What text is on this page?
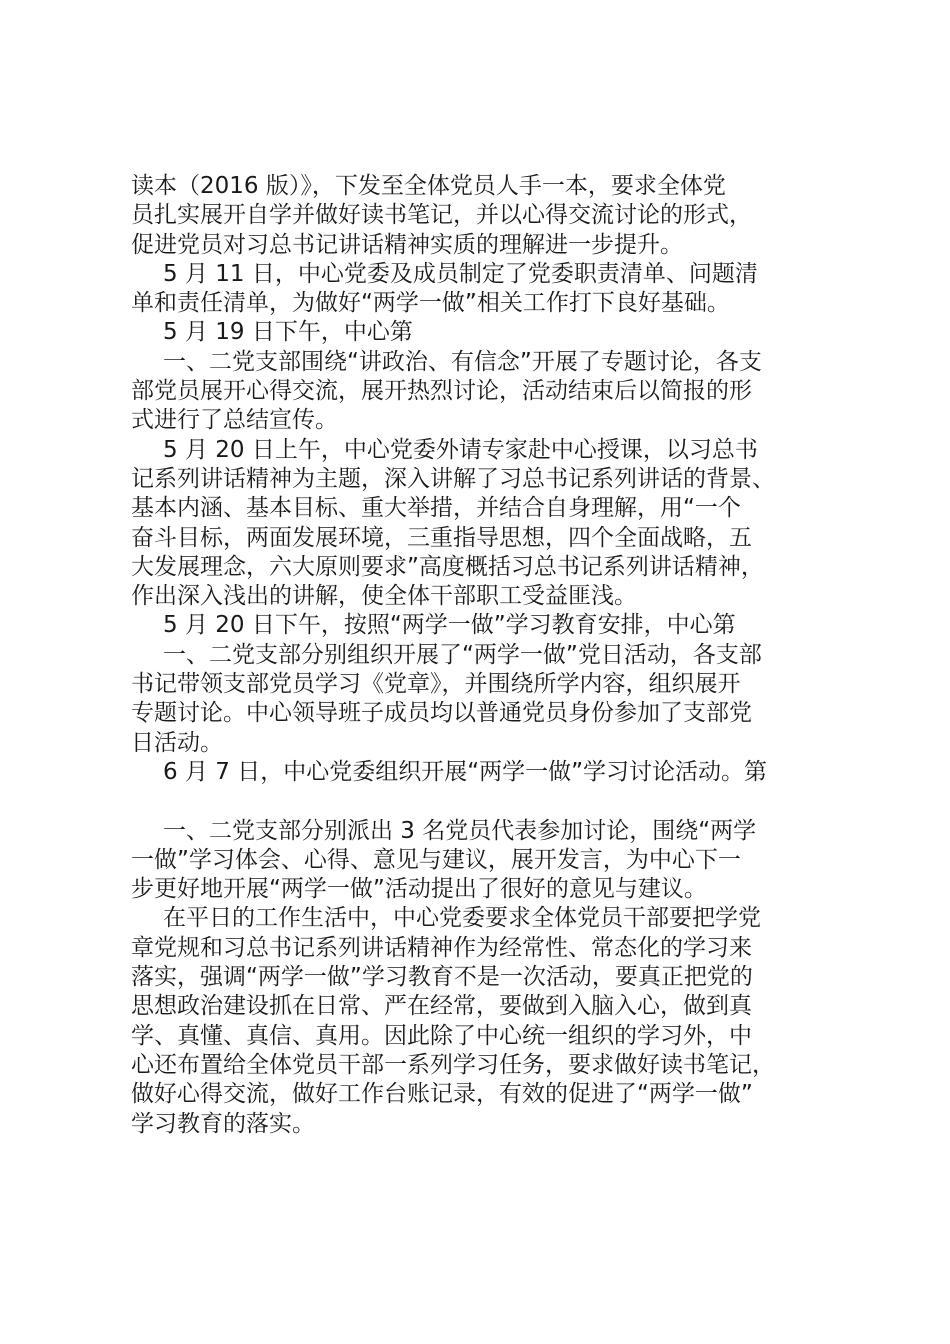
读本（2016 版）》，下发至全体党员人手一本，要求全体党
员扎实展开自学并做好读书笔记，并以心得交流讨论的形式，
促进党员对习总书记讲话精神实质的理解进一步提升。
5 月 11 日，中心党委及成员制定了党委职责清单、问题清
单和责任清单，为做好“两学一做”相关工作打下良好基础。
5 月 19 日下午，中心第
一、二党支部围绕“讲政治、有信念”开展了专题讨论，各支
部党员展开心得交流，展开热烈讨论，活动结束后以简报的形
式进行了总结宣传。
5 月 20 日上午，中心党委外请专家赴中心授课，以习总书
记系列讲话精神为主题，深入讲解了习总书记系列讲话的背景、
基本内涵、基本目标、重大举措，并结合自身理解，用“一个
奋斗目标，两面发展环境，三重指导思想，四个全面战略，五
大发展理念，六大原则要求”高度概括习总书记系列讲话精神，
作出深入浅出的讲解，使全体干部职工受益匪浅。
5 月 20 日下午，按照“两学一做”学习教育安排，中心第
一、二党支部分别组织开展了“两学一做”党日活动，各支部
书记带领支部党员学习《党章》，并围绕所学内容，组织展开
专题讨论。中心领导班子成员均以普通党员身份参加了支部党
日活动。
6 月 7 日，中心党委组织开展“两学一做”学习讨论活动。第
一、二党支部分别派出 3 名党员代表参加讨论，围绕“两学
一做”学习体会、心得、意见与建议，展开发言，为中心下一
步更好地开展“两学一做”活动提出了很好的意见与建议。
在平日的工作生活中，中心党委要求全体党员干部要把学党
章党规和习总书记系列讲话精神作为经常性、常态化的学习来
落实，强调“两学一做”学习教育不是一次活动，要真正把党的
思想政治建设抓在日常、严在经常，要做到入脑入心，做到真
学、真懂、真信、真用。因此除了中心统一组织的学习外，中
心还布置给全体党员干部一系列学习任务，要求做好读书笔记，
做好心得交流，做好工作台账记录，有效的促进了“两学一做”
学习教育的落实。
